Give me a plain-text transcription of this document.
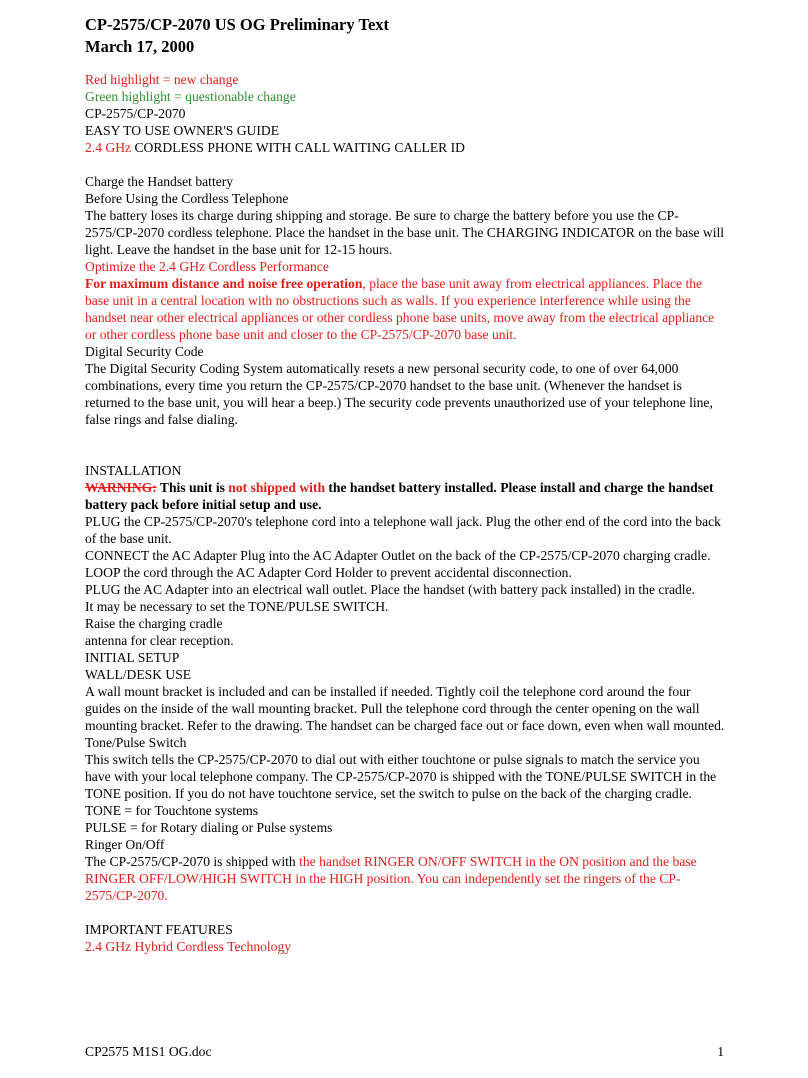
CP-2575/CP-2070 US OG Preliminary Text

March 17, 2000

Red highlight = new change

Green highlight = questionable change

CP-2575/CP-2070

EASY TO USE OWNER'S GUIDE

2.4 GHz CORDLESS PHONE WITH CALL WAITING CALLER ID

Charge the Handset battery

Before Using the Cordless Telephone

The battery loses its charge during shipping and storage. Be sure to charge the battery before you use the CP-2575/CP-2070 cordless telephone. Place the handset in the base unit. The CHARGING INDICATOR on the base will light. Leave the handset in the base unit for 12-15 hours.

Optimize the 2.4 GHz Cordless Performance

For maximum distance and noise free operation, place the base unit away from electrical appliances. Place the base unit in a central location with no obstructions such as walls. If you experience interference while using the handset near other electrical appliances or other cordless phone base units, move away from the electrical appliance or other cordless phone base unit and closer to the CP-2575/CP-2070 base unit.

Digital Security Code

The Digital Security Coding System automatically resets a new personal security code, to one of over 64,000 combinations, every time you return the CP-2575/CP-2070 handset to the base unit. (Whenever the handset is returned to the base unit, you will hear a beep.) The security code prevents unauthorized use of your telephone line, false rings and false dialing.

INSTALLATION

WARNING: This unit is not shipped with the handset battery installed. Please install and charge the handset battery pack before initial setup and use.

PLUG the CP-2575/CP-2070's telephone cord into a telephone wall jack. Plug the other end of the cord into the back of the base unit.

CONNECT the AC Adapter Plug into the AC Adapter Outlet on the back of the CP-2575/CP-2070 charging cradle. LOOP the cord through the AC Adapter Cord Holder to prevent accidental disconnection.

PLUG the AC Adapter into an electrical wall outlet. Place the handset (with battery pack installed) in the cradle.

It may be necessary to set the TONE/PULSE SWITCH.

Raise the charging cradle

antenna for clear reception.

INITIAL SETUP

WALL/DESK USE

A wall mount bracket is included and can be installed if needed. Tightly coil the telephone cord around the four guides on the inside of the wall mounting bracket. Pull the telephone cord through the center opening on the wall mounting bracket. Refer to the drawing. The handset can be charged face out or face down, even when wall mounted.

Tone/Pulse Switch

This switch tells the CP-2575/CP-2070 to dial out with either touchtone or pulse signals to match the service you have with your local telephone company. The CP-2575/CP-2070 is shipped with the TONE/PULSE SWITCH in the TONE position. If you do not have touchtone service, set the switch to pulse on the back of the charging cradle.

TONE = for Touchtone systems

PULSE = for Rotary dialing or Pulse systems

Ringer On/Off

The CP-2575/CP-2070 is shipped with the handset RINGER ON/OFF SWITCH in the ON position and the base RINGER OFF/LOW/HIGH SWITCH in the HIGH position. You can independently set the ringers of the CP-2575/CP-2070.

IMPORTANT FEATURES

2.4 GHz Hybrid Cordless Technology

CP2575 M1S1 OG.doc	1
